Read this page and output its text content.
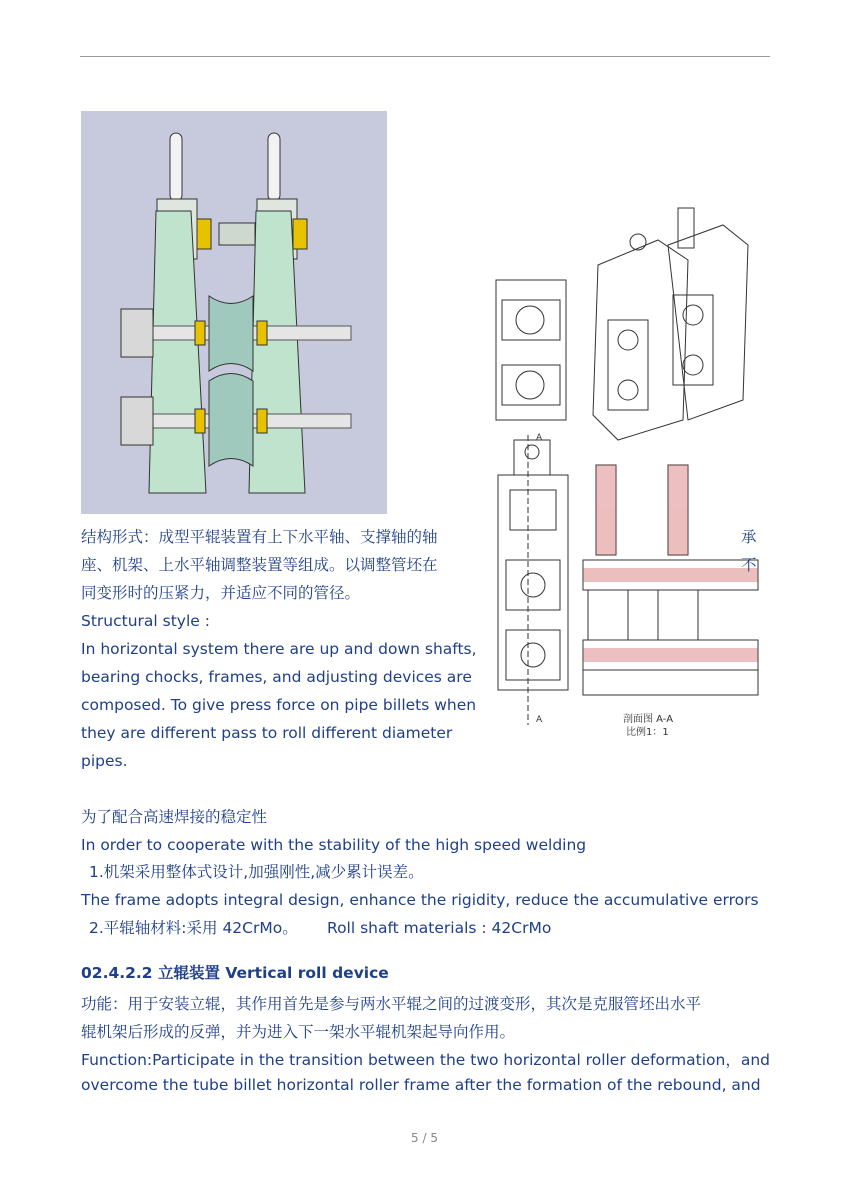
A
A	剖面图 A-A
比例1：1
结构形式：成型平辊装置有上下水平轴、支撑轴的轴	承
座、机架、上水平轴调整装置等组成。以调整管坯在	不
同变形时的压紧力，并适应不同的管径。
Structural style :
In horizontal system there are up and down shafts,
bearing chocks, frames, and adjusting devices are
composed. To give press force on pipe billets when
they are different pass to roll different diameter
pipes.
为了配合高速焊接的稳定性
In order to cooperate with the stability of the high speed welding
1.机架采用整体式设计,加强刚性,减少累计误差。
The frame adopts integral design, enhance the rigidity, reduce the accumulative errors
2.平辊轴材料:采用 42CrMo。 Roll shaft materials : 42CrMo
02.4.2.2 立辊装置 Vertical roll device
功能：用于安装立辊，其作用首先是参与两水平辊之间的过渡变形，其次是克服管坯出水平
辊机架后形成的反弹，并为进入下一架水平辊机架起导向作用。
Function:Participate in the transition between the two horizontal roller deformation，and
overcome the tube billet horizontal roller frame after the formation of the rebound, and
5 / 5
